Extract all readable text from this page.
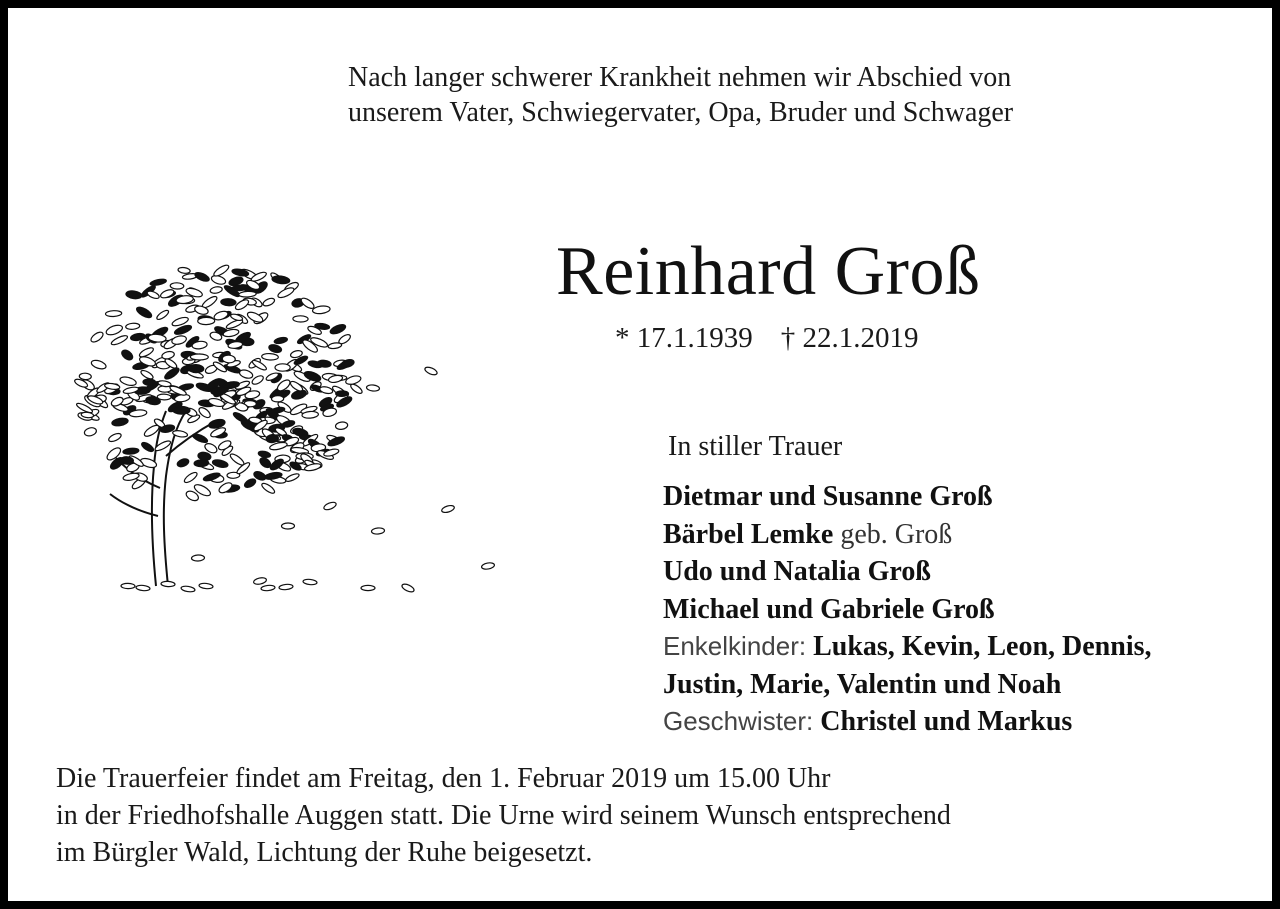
Nach langer schwerer Krankheit nehmen wir Abschied von
unserem Vater, Schwiegervater, Opa, Bruder und Schwager
Reinhard Groß
* 17.1.1939 † 22.1.2019
In stiller Trauer
Dietmar und Susanne Groß
Bärbel Lemke geb. Groß
Udo und Natalia Groß
Michael und Gabriele Groß
Enkelkinder: Lukas, Kevin, Leon, Dennis,
Justin, Marie, Valentin und Noah
Geschwister: Christel und Markus
Die Trauerfeier findet am Freitag, den 1. Februar 2019 um 15.00 Uhr
in der Friedhofshalle Auggen statt. Die Urne wird seinem Wunsch entsprechend
im Bürgler Wald, Lichtung der Ruhe beigesetzt.
